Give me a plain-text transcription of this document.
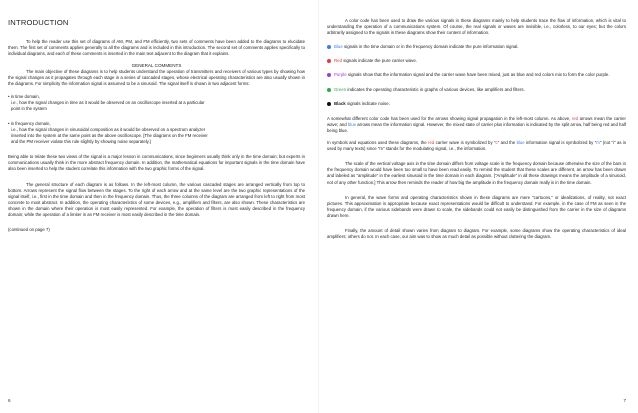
INTRODUCTION

To help the reader use this set of diagrams of AM, PM, and FM efficiently, two sets of comments have been added to the diagrams to elucidate them. The first set of comments applies generally to all the diagrams and is included in this introduction. The second set of comments applies specifically to individual diagrams, and each of these comments is inserted in the main text adjacent to the diagram that it explains.

GENERAL COMMENTS

The main objective of these diagrams is to help students understand the operation of transmitters and receivers of various types by showing how the signal changes as it propagates through each stage in a series of cascaded stages, whose electrical operating characteristics are also usually shown in the diagrams. For simplicity the information signal is assumed to be a sinusoid. The signal itself is shown in two adjacent forms:

• in time domain,
i.e., how the signal changes in time as it would be observed on an oscilloscope inserted at a particular
point in the system
• in frequency domain,
i.e., how the signal changes in sinusoidal composition as it would be observed on a spectrum analyzer
inserted into the system at the same point as the above oscilloscope. [The diagrams on the FM receiver
and the PM receiver violate this rule slightly by showing noise separately.]

Being able to relate these two views of the signal is a major lesson in communications, since beginners usually think only in the time domain; but experts in communications usually think in the more abstract frequency domain. In addition, the mathematical equations for important signals in the time domain have also been inserted to help the student correlate this information with the two graphic forms of the signal.

The general structure of each diagram is as follows. In the left-most column, the various cascaded stages are arranged vertically from top to bottom. Arrows represent the signal flow between the stages. To the right of each arrow and at the same level are the two graphic representations of the signal itself, i.e., first in the time domain and then in the frequency domain. Thus, the three columns of the diagram are arranged from left to right from most concrete to most abstract. In addition, the operating characteristics of some devices, e.g., amplifiers and filters, are also shown. These characteristics are shown in the domain where their operation is most easily represented. For example, the operation of filters is most easily described in the frequency domain; while the operation of a limiter in an FM receiver is most easily described in the time domain.

(continued on page 7)

6

A color code has been used to draw the various signals in these diagrams mainly to help students trace the flow of information, which is vital to understanding the operation of a communications system. Of course, the real signals or waves are invisible, i.e., colorless, to our eyes; but the colors arbitrarily assigned to the signals in these diagrams show their content of information.

Blue signals in the time domain or in the frequency domain indicate the pure information signal.
Red signals indicate the pure carrier wave.
Purple signals show that the information signal and the carrier wave have been mixed, just as blue and red colors mix to form the color purple.
Green indicates the operating characteristic in graphs of various devices, like amplifiers and filters.
Black signals indicate noise.

A somewhat different color code has been used for the arrows showing signal propagation in the left-most column. As above, red arrows mean the carrier wave; and blue arrows mean the information signal. However, the mixed state of carrier plus information is indicated by the split arrow, half being red and half being blue.

In symbols and equations used these diagrams, the red carrier wave is symbolized by "c" and the blue information signal is symbolized by "m" (not "i" as is used by many texts) since "m" stands for the modulating signal, i.e., the information.

The scale of the vertical voltage axis in the time domain differs from voltage scale in the frequency domain because otherwise the size of the bars in the frequency domain would have been too small to have been read easily. To remind the student that these scales are different, an arrow has been drawn and labeled as "amplitude" in the earliest sinusoid in the time domain in each diagram. ["Amplitude" in all these drawings means the amplitude of a sinusoid, not of any other function.] This arrow then reminds the reader of how big the amplitude in the frequency domain really is in the time domain.

In general, the wave forms and operating characteristics shown in these diagrams are mere "cartoons," or idealizations, of reality, not exact pictures. This approximation is appropriate because exact representations would be difficult to understand. For example, in the case of FM as seen in the frequency domain, if the various sidebands were drawn to scale, the sidebands could not easily be distinguished from the carrier in the size of diagrams drawn here.

Finally, the amount of detail shown varies from diagram to diagram. For example, some diagrams show the operating characteristics of ideal amplifiers; others do not. In each case, our aim was to show as much detail as possible without cluttering the diagram.

7
